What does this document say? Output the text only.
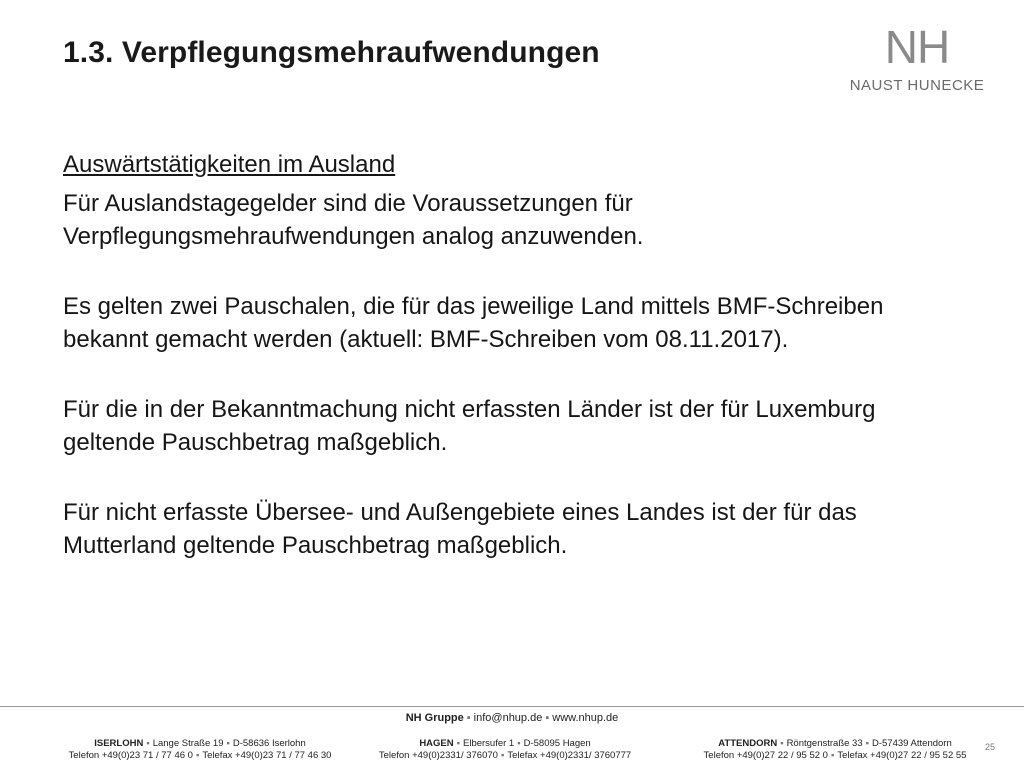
1.3. Verpflegungsmehraufwendungen	NH
NAUST HUNECKE

Auswärtstätigkeiten im Ausland

Für Auslandstagegelder sind die Voraussetzungen für Verpflegungsmehraufwendungen analog anzuwenden.

Es gelten zwei Pauschalen, die für das jeweilige Land mittels BMF-Schreiben bekannt gemacht werden (aktuell: BMF-Schreiben vom 08.11.2017).

Für die in der Bekanntmachung nicht erfassten Länder ist der für Luxemburg geltende Pauschbetrag maßgeblich.

Für nicht erfasste Übersee- und Außengebiete eines Landes ist der für das Mutterland geltende Pauschbetrag maßgeblich.

NH Gruppe ▪ info@nhup.de ▪ www.nhup.de
ISERLOHN ▪ Lange Straße 19 ▪ D-58636 Iserlohn
Telefon +49(0)23 71 / 77 46 0 ▪ Telefax +49(0)23 71 / 77 46 30
HAGEN ▪ Elbersufer 1 ▪ D-58095 Hagen
Telefon +49(0)2331/ 376070 ▪ Telefax +49(0)2331/ 3760777
ATTENDORN ▪ Röntgenstraße 33 ▪ D-57439 Attendorn
Telefon +49(0)27 22 / 95 52 0 ▪ Telefax +49(0)27 22 / 95 52 55
25
